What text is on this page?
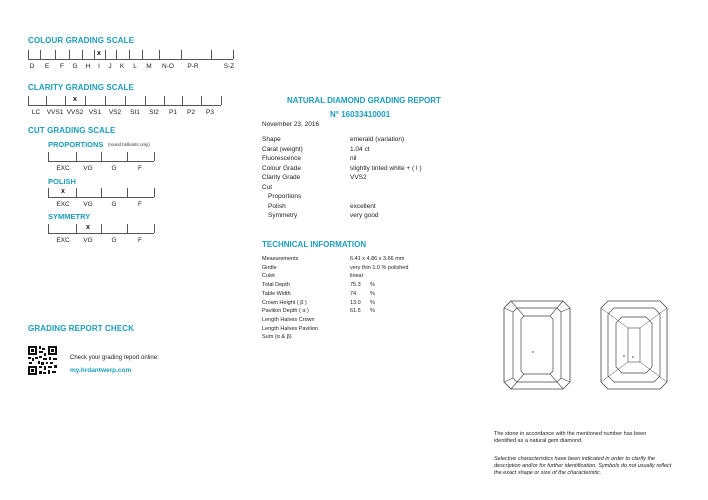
COLOUR GRADING SCALE
D E F G H I
x
J K L M N-O P-R	S-Z
CLARITY GRADING SCALE
LC VVS1 VVS2
x
VS1 VS2 SI1 SI2 P1 P2 P3
CUT GRADING SCALE
PROPORTIONS (round brilliants only)
EXC VG	G	F
POLISH
EXC
x
VG	G	F
SYMMETRY
EXC VG
x
G	F
GRADING REPORT CHECK
Check your grading report online:
my.hrdantwerp.com
NATURAL DIAMOND GRADING REPORT
N° 16033410001
November 23, 2016
Shape	emerald (variation)
Carat (weight)	1.04 ct
Fluorescence	nil
Colour Grade	slightly tinted white + ( I )
Clarity Grade	VVS2
Cut
Proportions
Polish	excellent
Symmetry	very good
TECHNICAL INFORMATION
Measurements	6.41 x 4.86 x 3.66 mm
Girdle	very thin 1.0 % polished
Culet	linear
Total Depth	75.3 %
Table Width	74	%
Crown Height ( β )	13.0 %
Pavilion Depth ( α )	61.5 %
Length Halves Crown
Length Halves Pavilion
Sum (α & β)
The stone in accordance with the mentioned number has been identified as a natural gem diamond.
Selective characteristics have been indicated in order to clarify the description and/or for further identification. Symbols do not usually reflect the exact shape or size of the characteristic.
